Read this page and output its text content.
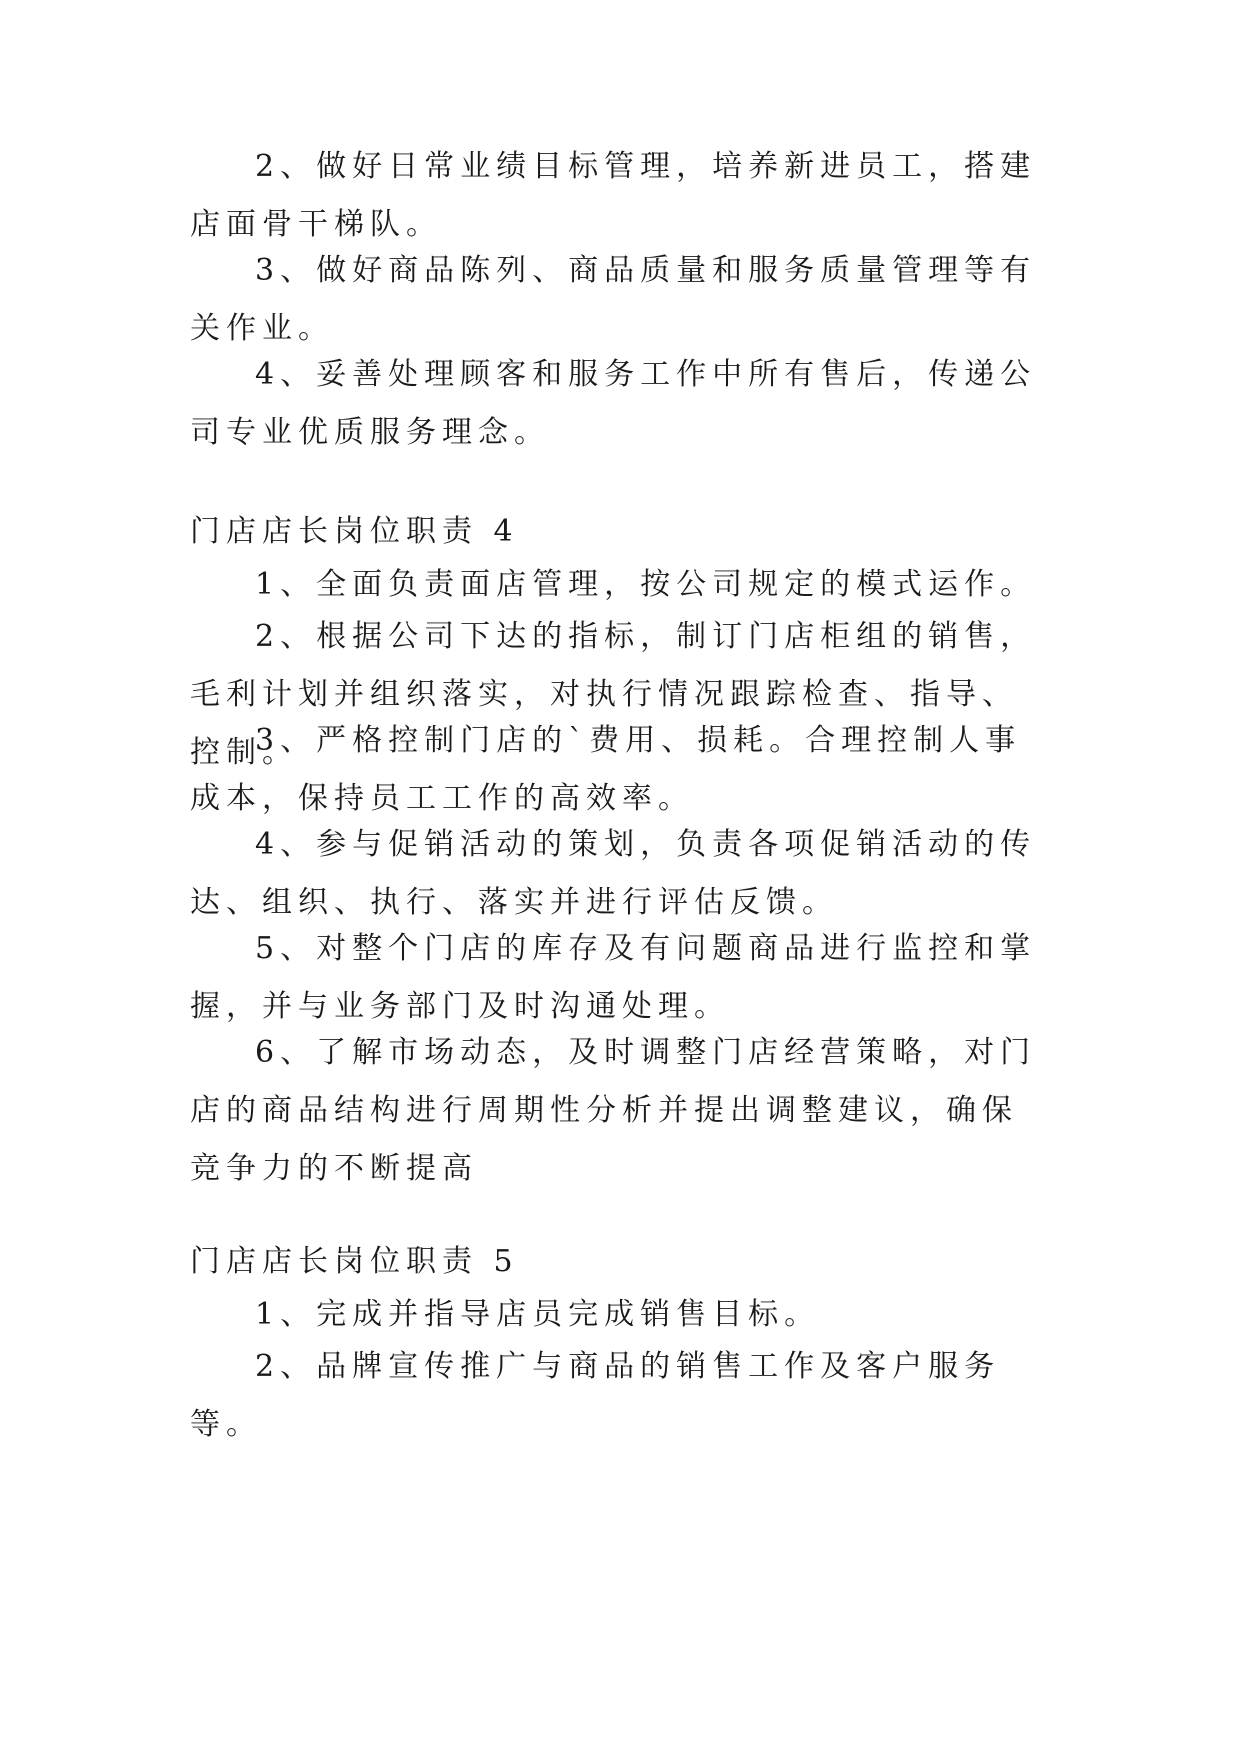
2、做好日常业绩目标管理，培养新进员工，搭建店面骨干梯队。
3、做好商品陈列、商品质量和服务质量管理等有关作业。
4、妥善处理顾客和服务工作中所有售后，传递公司专业优质服务理念。
门店店长岗位职责 4
1、全面负责面店管理，按公司规定的模式运作。
2、根据公司下达的指标，制订门店柜组的销售，毛利计划并组织落实，对执行情况跟踪检查、指导、控制。
3、严格控制门店的`费用、损耗。合理控制人事成本，保持员工工作的高效率。
4、参与促销活动的策划，负责各项促销活动的传达、组织、执行、落实并进行评估反馈。
5、对整个门店的库存及有问题商品进行监控和掌握，并与业务部门及时沟通处理。
6、了解市场动态，及时调整门店经营策略，对门店的商品结构进行周期性分析并提出调整建议，确保竞争力的不断提高
门店店长岗位职责 5
1、完成并指导店员完成销售目标。
2、品牌宣传推广与商品的销售工作及客户服务等。
